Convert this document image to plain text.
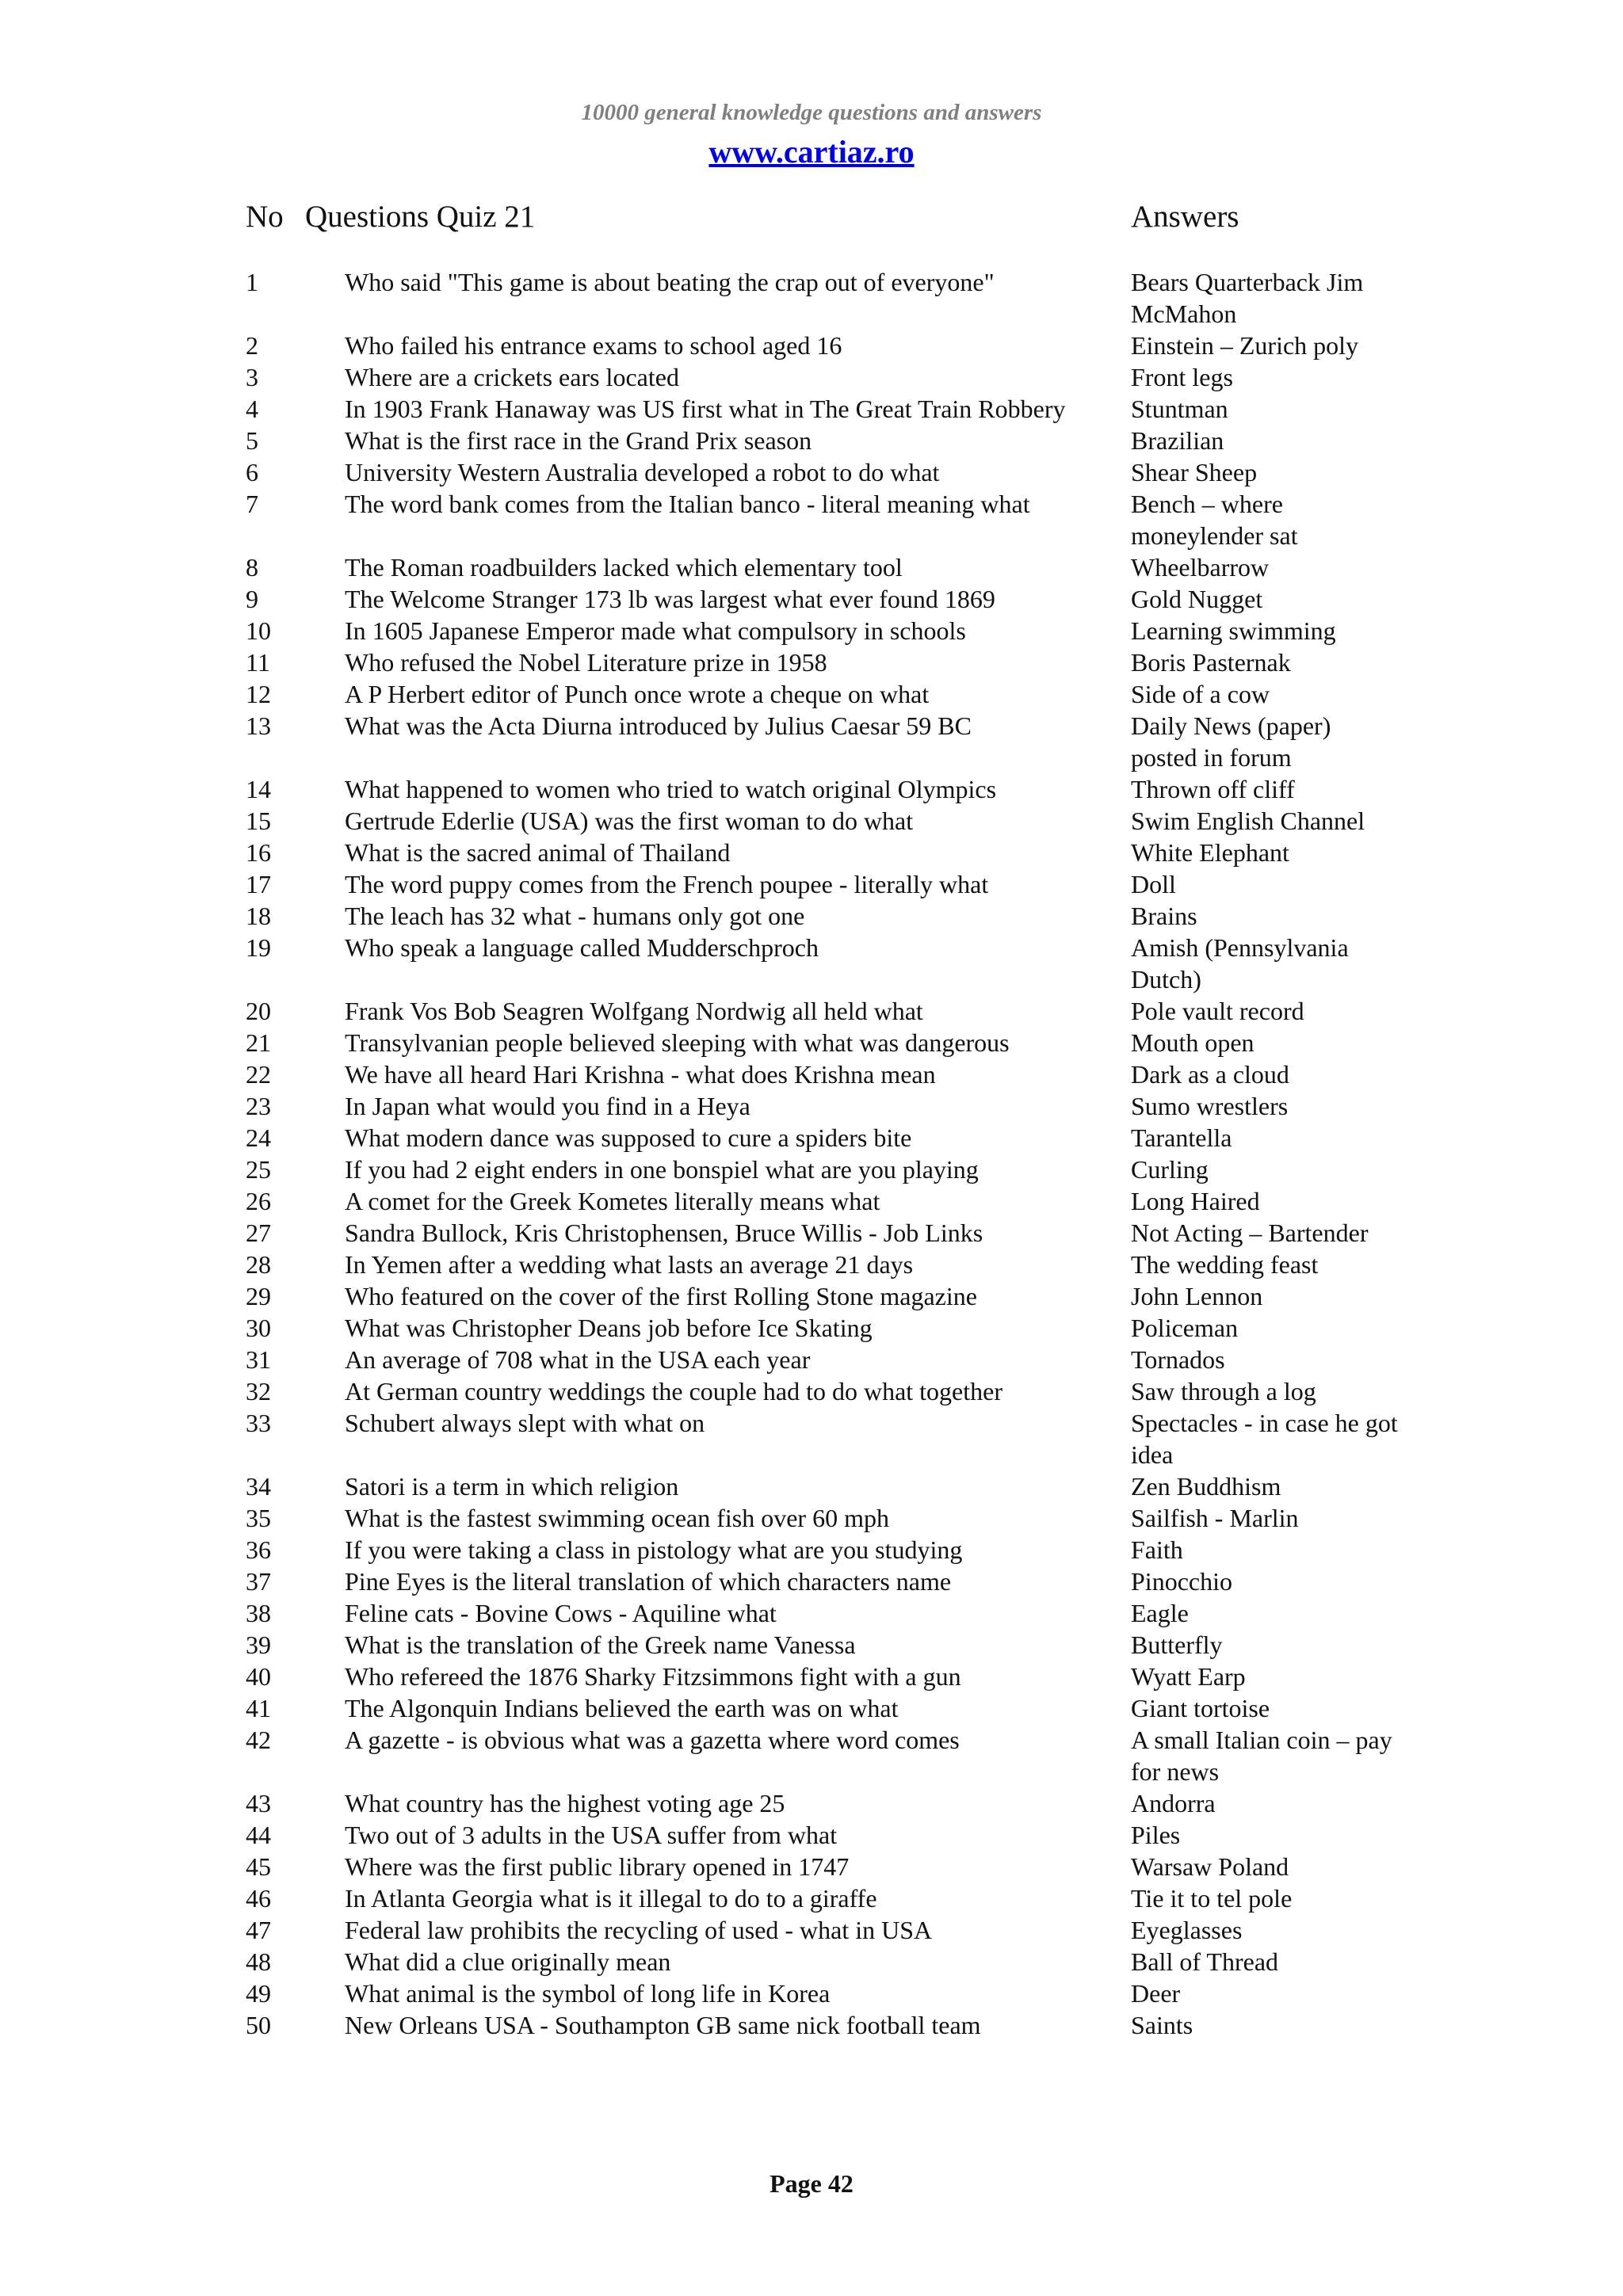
10000 general knowledge questions and answers
www.cartiaz.ro
No Questions Quiz 21	Answers
1	Who said "This game is about beating the crap out of everyone"	Bears Quarterback Jim McMahon
2	Who failed his entrance exams to school aged 16	Einstein – Zurich poly
3	Where are a crickets ears located	Front legs
4	In 1903 Frank Hanaway was US first what in The Great Train Robbery	Stuntman
5	What is the first race in the Grand Prix season	Brazilian
6	University Western Australia developed a robot to do what	Shear Sheep
7	The word bank comes from the Italian banco - literal meaning what	Bench – where moneylender sat
8	The Roman roadbuilders lacked which elementary tool	Wheelbarrow
9	The Welcome Stranger 173 lb was largest what ever found 1869	Gold Nugget
10	In 1605 Japanese Emperor made what compulsory in schools	Learning swimming
11	Who refused the Nobel Literature prize in 1958	Boris Pasternak
12	A P Herbert editor of Punch once wrote a cheque on what	Side of a cow
13	What was the Acta Diurna introduced by Julius Caesar 59 BC	Daily News (paper) posted in forum
14	What happened to women who tried to watch original Olympics	Thrown off cliff
15	Gertrude Ederlie (USA) was the first woman to do what	Swim English Channel
16	What is the sacred animal of Thailand	White Elephant
17	The word puppy comes from the French poupee - literally what	Doll
18	The leach has 32 what - humans only got one	Brains
19	Who speak a language called Mudderschproch	Amish (Pennsylvania Dutch)
20	Frank Vos Bob Seagren Wolfgang Nordwig all held what	Pole vault record
21	Transylvanian people believed sleeping with what was dangerous	Mouth open
22	We have all heard Hari Krishna - what does Krishna mean	Dark as a cloud
23	In Japan what would you find in a Heya	Sumo wrestlers
24	What modern dance was supposed to cure a spiders bite	Tarantella
25	If you had 2 eight enders in one bonspiel what are you playing	Curling
26	A comet for the Greek Kometes literally means what	Long Haired
27	Sandra Bullock, Kris Christophensen, Bruce Willis - Job Links	Not Acting – Bartender
28	In Yemen after a wedding what lasts an average 21 days	The wedding feast
29	Who featured on the cover of the first Rolling Stone magazine	John Lennon
30	What was Christopher Deans job before Ice Skating	Policeman
31	An average of 708 what in the USA each year	Tornados
32	At German country weddings the couple had to do what together	Saw through a log
33	Schubert always slept with what on	Spectacles - in case he got idea
34	Satori is a term in which religion	Zen Buddhism
35	What is the fastest swimming ocean fish over 60 mph	Sailfish - Marlin
36	If you were taking a class in pistology what are you studying	Faith
37	Pine Eyes is the literal translation of which characters name	Pinocchio
38	Feline cats - Bovine Cows - Aquiline what	Eagle
39	What is the translation of the Greek name Vanessa	Butterfly
40	Who refereed the 1876 Sharky Fitzsimmons fight with a gun	Wyatt Earp
41	The Algonquin Indians believed the earth was on what	Giant tortoise
42	A gazette - is obvious what was a gazetta where word comes	A small Italian coin – pay for news
43	What country has the highest voting age 25	Andorra
44	Two out of 3 adults in the USA suffer from what	Piles
45	Where was the first public library opened in 1747	Warsaw Poland
46	In Atlanta Georgia what is it illegal to do to a giraffe	Tie it to tel pole
47	Federal law prohibits the recycling of used - what in USA	Eyeglasses
48	What did a clue originally mean	Ball of Thread
49	What animal is the symbol of long life in Korea	Deer
50	New Orleans USA - Southampton GB same nick football team	Saints
Page 42
